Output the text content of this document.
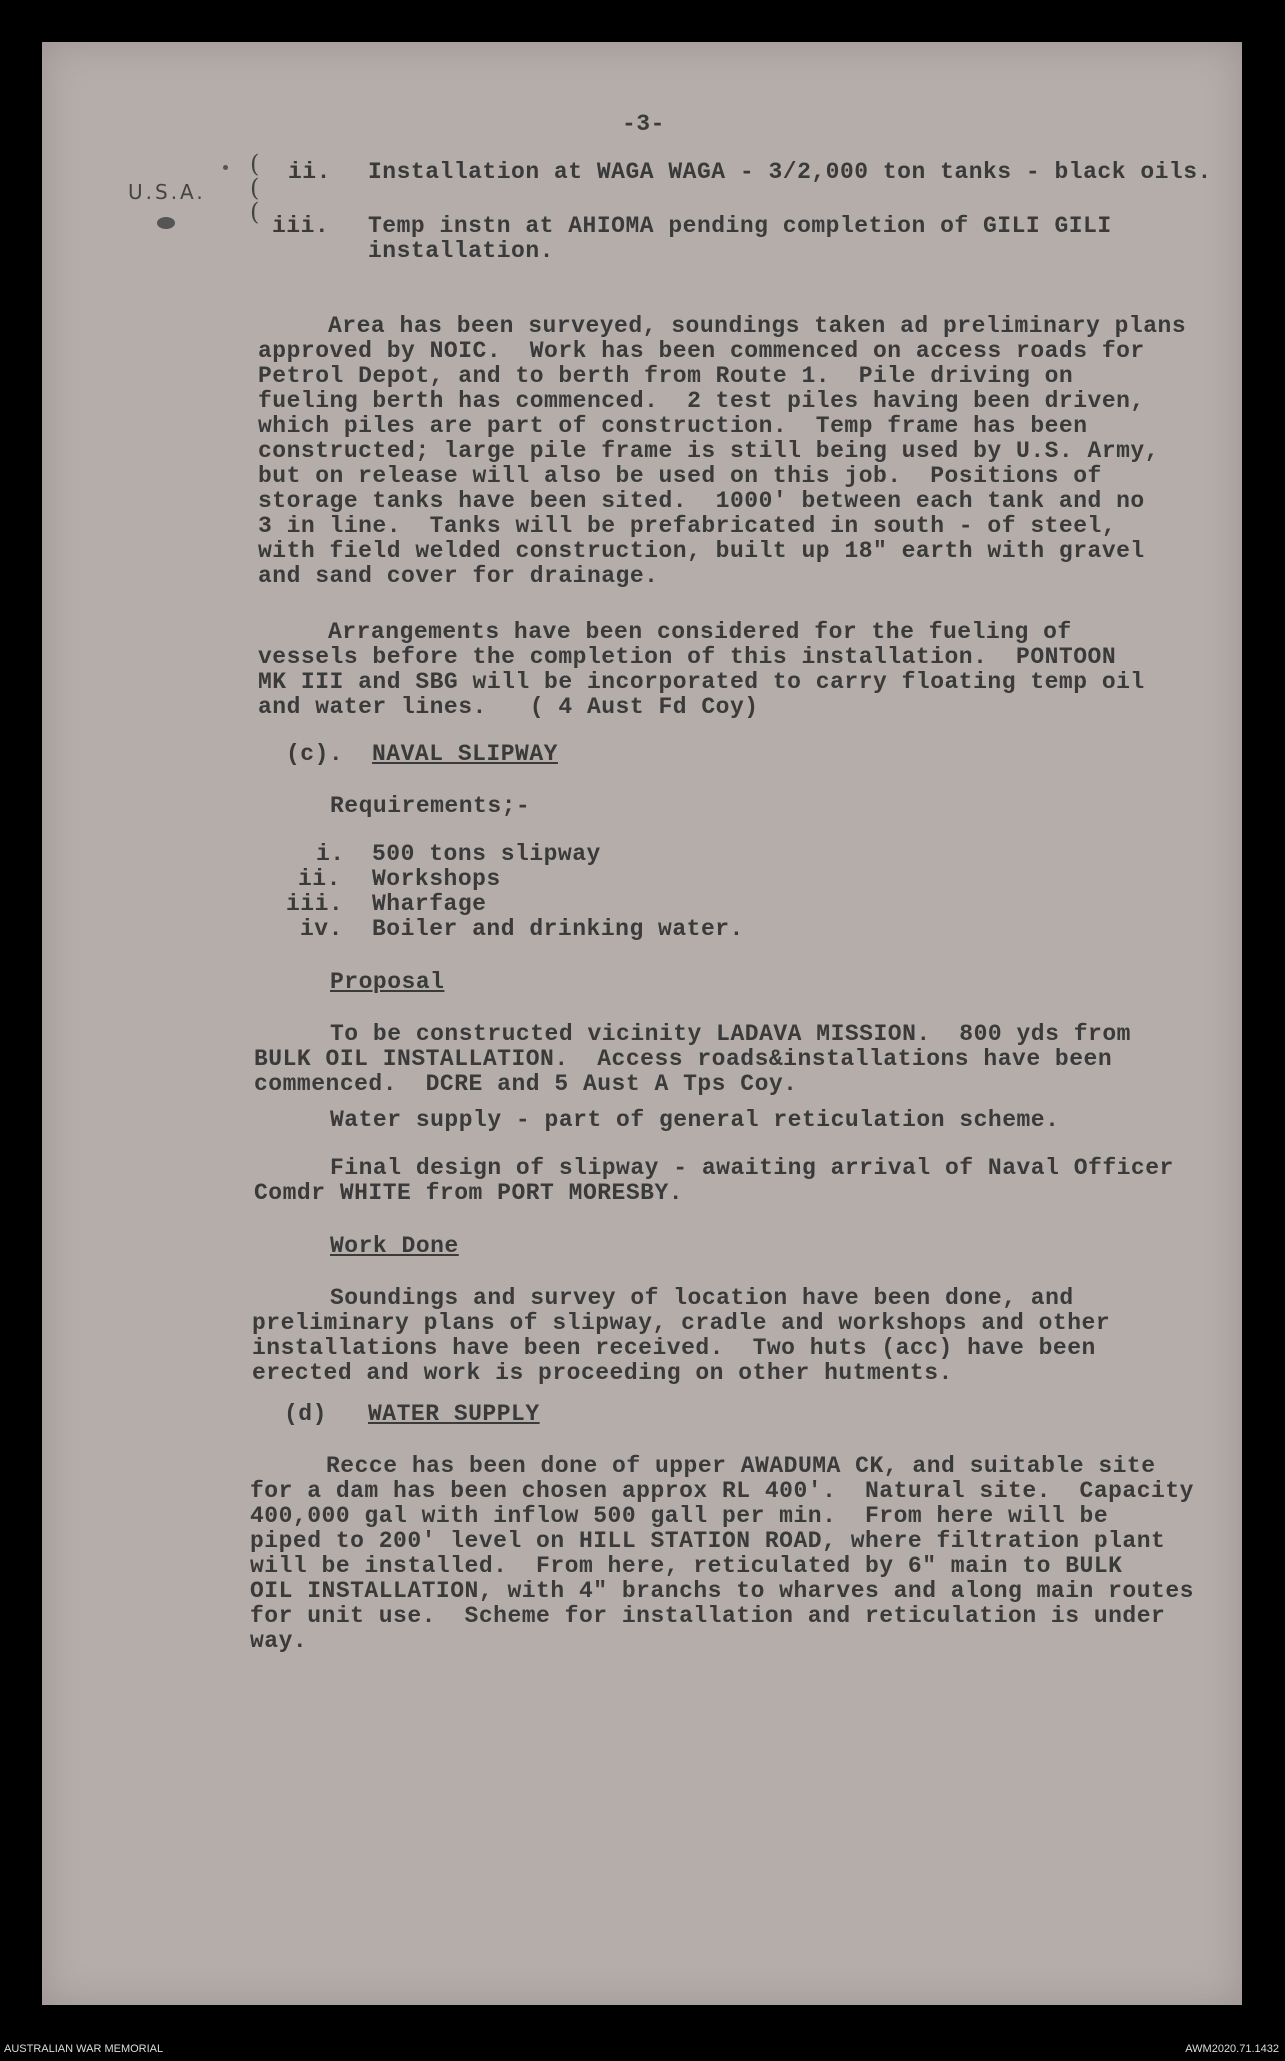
-3-
U.S.A.
(
(
(
ii. Installation at WAGA WAGA - 3/2,000 ton tanks - black oils.
iii. Temp instn at AHIOMA pending completion of GILI GILI
installation.
Area has been surveyed, soundings taken ad preliminary plans
approved by NOIC.  Work has been commenced on access roads for
Petrol Depot, and to berth from Route 1.  Pile driving on
fueling berth has commenced.  2 test piles having been driven,
which piles are part of construction.  Temp frame has been
constructed; large pile frame is still being used by U.S. Army,
but on release will also be used on this job.  Positions of
storage tanks have been sited.  1000' between each tank and no
3 in line.  Tanks will be prefabricated in south - of steel,
with field welded construction, built up 18" earth with gravel
and sand cover for drainage.
Arrangements have been considered for the fueling of
vessels before the completion of this installation.  PONTOON
MK III and SBG will be incorporated to carry floating temp oil
and water lines.   ( 4 Aust Fd Coy)
(c). NAVAL SLIPWAY
Requirements;-
i. 500 tons slipway
ii. Workshops
iii. Wharfage
iv. Boiler and drinking water.
Proposal
To be constructed vicinity LADAVA MISSION.  800 yds from
BULK OIL INSTALLATION.  Access roads&installations have been
commenced.  DCRE and 5 Aust A Tps Coy.
Water supply - part of general reticulation scheme.
Final design of slipway - awaiting arrival of Naval Officer
Comdr WHITE from PORT MORESBY.
Work Done
Soundings and survey of location have been done, and
preliminary plans of slipway, cradle and workshops and other
installations have been received.  Two huts (acc) have been
erected and work is proceeding on other hutments.
(d) WATER SUPPLY
Recce has been done of upper AWADUMA CK, and suitable site
for a dam has been chosen approx RL 400'.  Natural site.  Capacity
400,000 gal with inflow 500 gall per min.  From here will be
piped to 200' level on HILL STATION ROAD, where filtration plant
will be installed.  From here, reticulated by 6" main to BULK
OIL INSTALLATION, with 4" branchs to wharves and along main routes
for unit use.  Scheme for installation and reticulation is under
way.
AUSTRALIAN WAR MEMORIAL	AWM2020.71.1432
